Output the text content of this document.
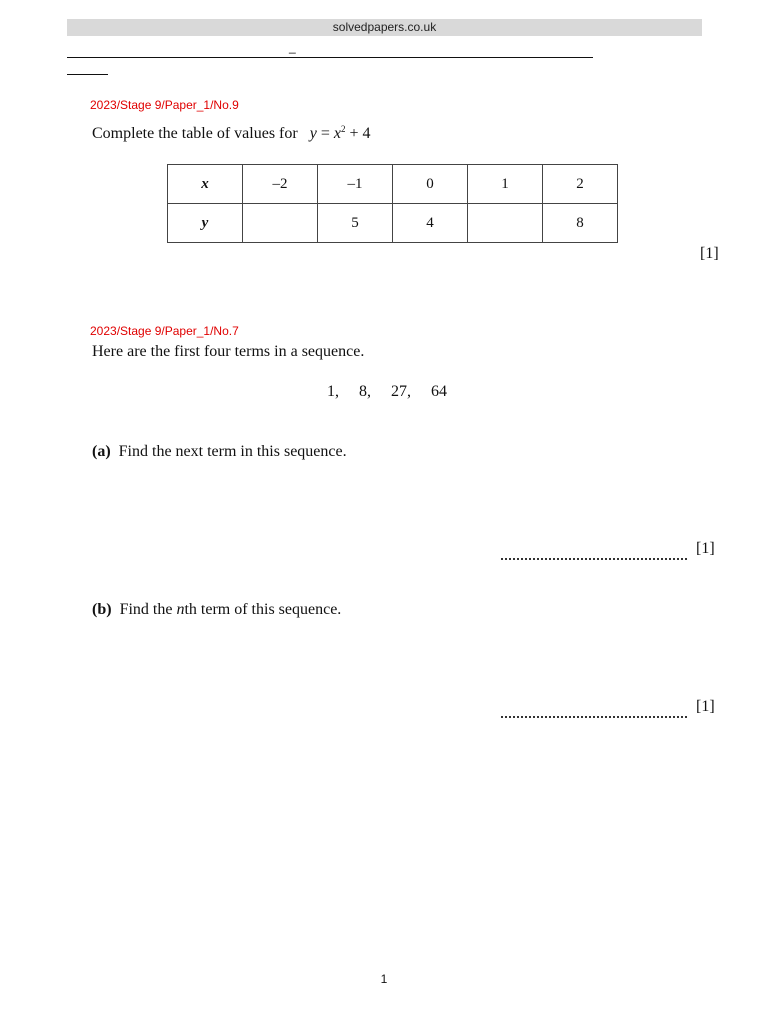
solvedpapers.co.uk
_
2023/Stage 9/Paper_1/No.9
Complete the table of values for $y = x^2 + 4$
x	–2	–1	0	1	2
y		5	4		8
[1]
2023/Stage 9/Paper_1/No.7
Here are the first four terms in a sequence.
1,     8,     27,     64
(a) Find the next term in this sequence.
[1]
(b) Find the nth term of this sequence.
[1]
1
